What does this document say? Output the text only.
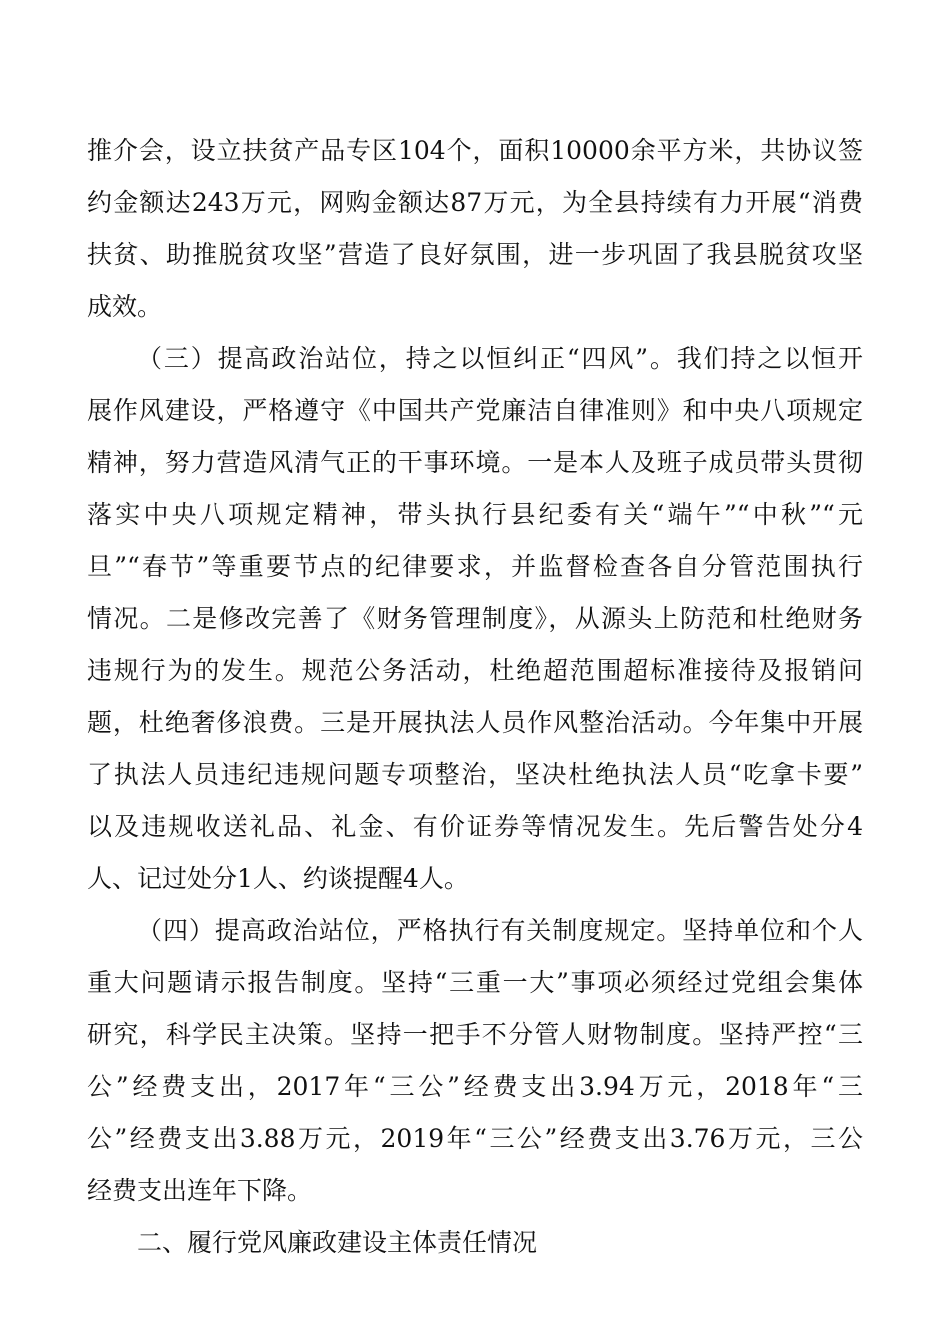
推介会，设立扶贫产品专区104个，面积10000余平方米，共协议签
约金额达243万元，网购金额达87万元，为全县持续有力开展“消费
扶贫、助推脱贫攻坚”营造了良好氛围，进一步巩固了我县脱贫攻坚
成效。
（三）提高政治站位，持之以恒纠正“四风”。我们持之以恒开
展作风建设，严格遵守《中国共产党廉洁自律准则》和中央八项规定
精神，努力营造风清气正的干事环境。一是本人及班子成员带头贯彻
落实中央八项规定精神，带头执行县纪委有关“端午”“中秋”“元
旦”“春节”等重要节点的纪律要求，并监督检查各自分管范围执行
情况。二是修改完善了《财务管理制度》，从源头上防范和杜绝财务
违规行为的发生。规范公务活动，杜绝超范围超标准接待及报销问
题，杜绝奢侈浪费。三是开展执法人员作风整治活动。今年集中开展
了执法人员违纪违规问题专项整治，坚决杜绝执法人员“吃拿卡要”
以及违规收送礼品、礼金、有价证券等情况发生。先后警告处分4
人、记过处分1人、约谈提醒4人。
（四）提高政治站位，严格执行有关制度规定。坚持单位和个人
重大问题请示报告制度。坚持“三重一大”事项必须经过党组会集体
研究，科学民主决策。坚持一把手不分管人财物制度。坚持严控“三
公”经费支出，2017年“三公”经费支出3.94万元，2018年“三
公”经费支出3.88万元，2019年“三公”经费支出3.76万元，三公
经费支出连年下降。
二、履行党风廉政建设主体责任情况
